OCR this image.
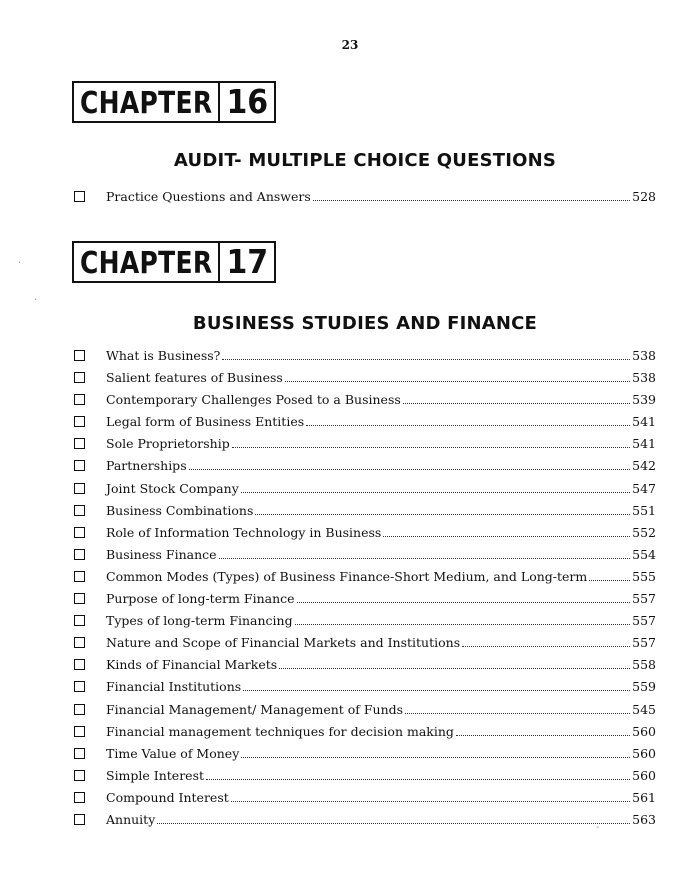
23
CHAPTER 16
AUDIT- MULTIPLE CHOICE QUESTIONS
Practice Questions and Answers	528
CHAPTER 17
BUSINESS STUDIES AND FINANCE
What is Business?	538
Salient features of Business	538
Contemporary Challenges Posed to a Business	539
Legal form of Business Entities	541
Sole Proprietorship	541
Partnerships	542
Joint Stock Company	547
Business Combinations	551
Role of Information Technology in Business	552
Business Finance	554
Common Modes (Types) of Business Finance-Short Medium, and Long-term	555
Purpose of long-term Finance	557
Types of long-term Financing	557
Nature and Scope of Financial Markets and Institutions	557
Kinds of Financial Markets	558
Financial Institutions	559
Financial Management/ Management of Funds	545
Financial management techniques for decision making	560
Time Value of Money	560
Simple Interest	560
Compound Interest	561
Annuity	563
·
·
-
